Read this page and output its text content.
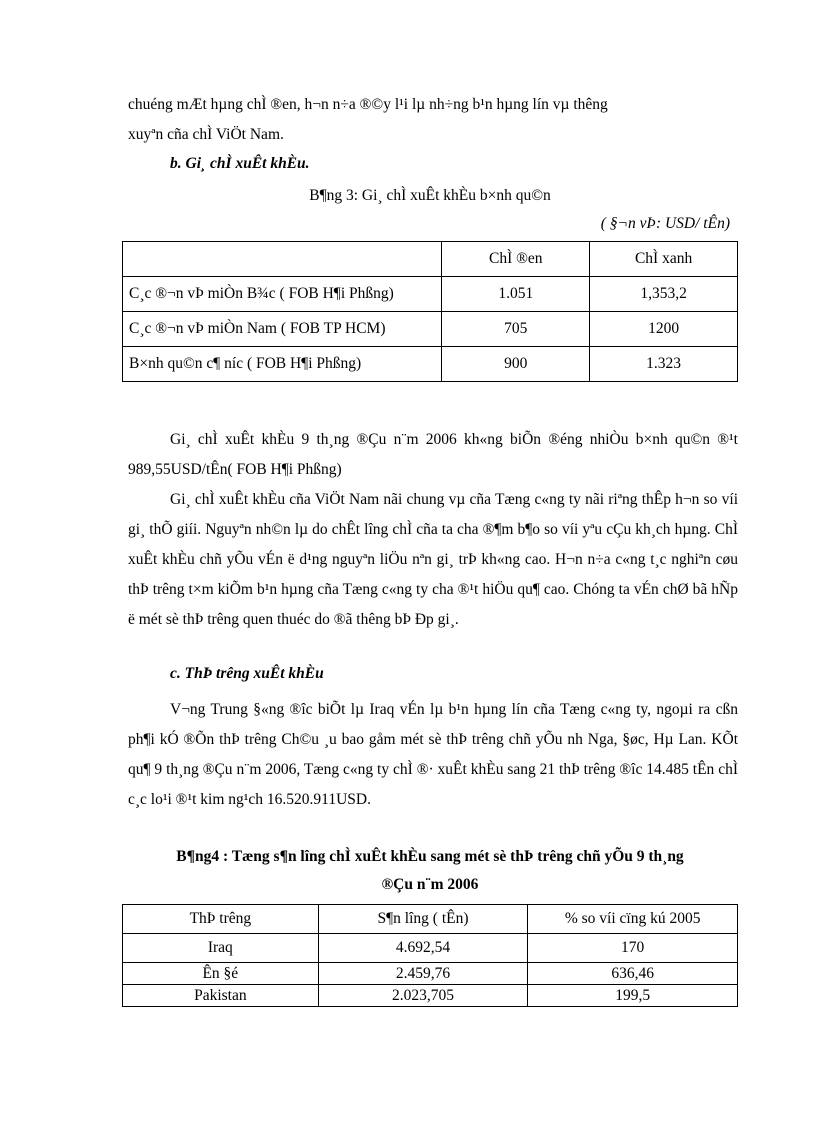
chuéng mÆt hµng chÌ ®en, h¬n n÷a ®©y l¹i lµ nh÷ng b¹n hµng lín vµ thêng

xuyªn cña chÌ ViÖt Nam.

b. Gi¸ chÌ xuÊt khÈu.

B¶ng 3: Gi¸ chÌ xuÊt khÈu b×nh qu©n

( §¬n vÞ: USD/ tÊn)

	ChÌ ®en	ChÌ xanh
C¸c ®¬n vÞ miÒn B¾c ( FOB H¶i Phßng)	1.051	1,353,2
C¸c ®¬n vÞ miÒn Nam ( FOB TP HCM)	705	1200
B×nh qu©n c¶ níc ( FOB H¶i Phßng)	900	1.323

Gi¸ chÌ xuÊt khÈu 9 th¸ng ®Çu n¨m 2006 kh«ng biÕn ®éng nhiÒu b×nh qu©n ®¹t 989,55USD/tÊn( FOB H¶i Phßng)

Gi¸ chÌ xuÊt khÈu cña ViÖt Nam nãi chung vµ cña Tæng c«ng ty nãi riªng thÊp h¬n so víi gi¸ thÕ giíi. Nguyªn nh©n lµ do chÊt lîng chÌ cña ta cha ®¶m b¶o so víi yªu cÇu kh¸ch hµng. ChÌ xuÊt khÈu chñ yÕu vÉn ë d¹ng nguyªn liÖu nªn gi¸ trÞ kh«ng cao. H¬n n÷a c«ng t¸c nghiªn cøu thÞ trêng t×m kiÕm b¹n hµng cña Tæng c«ng ty cha ®¹t hiÖu qu¶ cao. Chóng ta vÉn chØ bã hÑp ë mét sè thÞ trêng quen thuéc do ®ã thêng bÞ Ðp gi¸.

c. ThÞ trêng xuÊt khÈu

V¬ng Trung §«ng ®îc biÕt lµ Iraq vÉn lµ b¹n hµng lín cña Tæng c«ng ty, ngoµi ra cßn ph¶i kÓ ®Õn thÞ trêng Ch©u ¸u bao gåm mét sè thÞ trêng chñ yÕu nh Nga, §øc, Hµ Lan. KÕt qu¶ 9 th¸ng ®Çu n¨m 2006, Tæng c«ng ty chÌ ®· xuÊt khÈu sang 21 thÞ trêng ®îc 14.485 tÊn chÌ c¸c lo¹i ®¹t kim ng¹ch 16.520.911USD.

B¶ng4 : Tæng s¶n lîng chÌ xuÊt khÈu sang mét sè thÞ trêng chñ yÕu 9 th¸ng

®Çu n¨m 2006

ThÞ trêng	S¶n lîng ( tÊn)	% so víi cïng kú 2005
Iraq	4.692,54	170
Ên §é	2.459,76	636,46
Pakistan	2.023,705	199,5
